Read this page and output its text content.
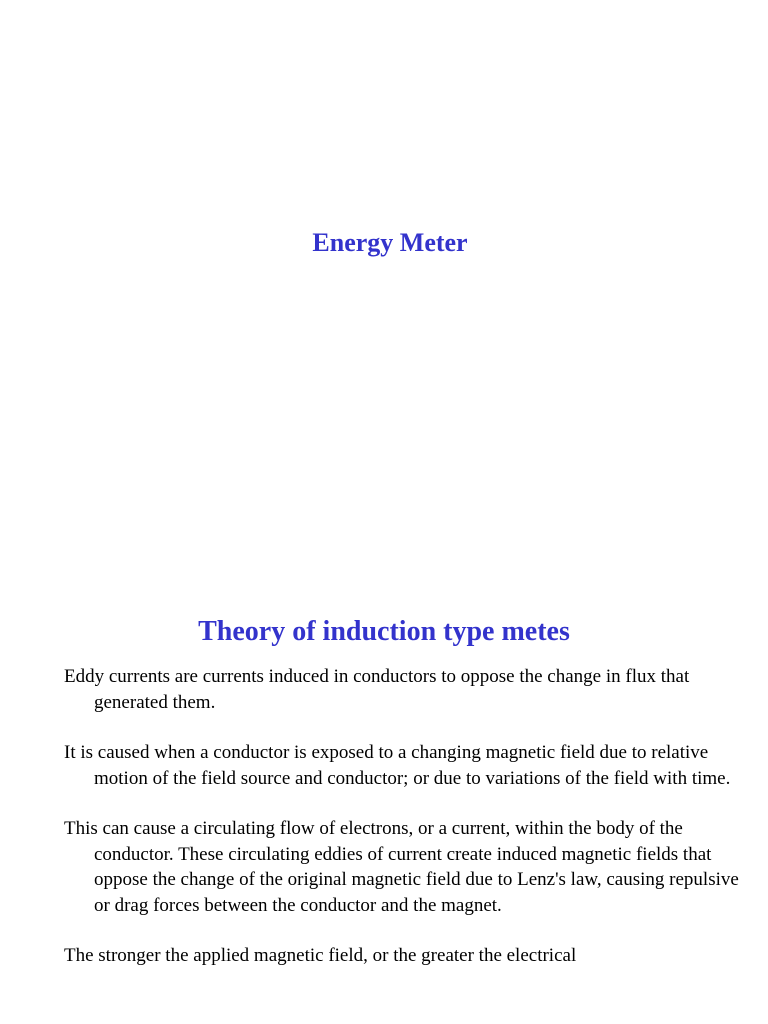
Energy Meter
Theory of induction type metes

Eddy currents are currents induced in conductors to oppose the change in flux that generated them.

It is caused when a conductor is exposed to a changing magnetic field due to relative motion of the field source and conductor; or due to variations of the field with time.

This can cause a circulating flow of electrons, or a current, within the body of the conductor. These circulating eddies of current create induced magnetic fields that oppose the change of the original magnetic field due to Lenz's law, causing repulsive or drag forces between the conductor and the magnet.

The stronger the applied magnetic field, or the greater the electrical
